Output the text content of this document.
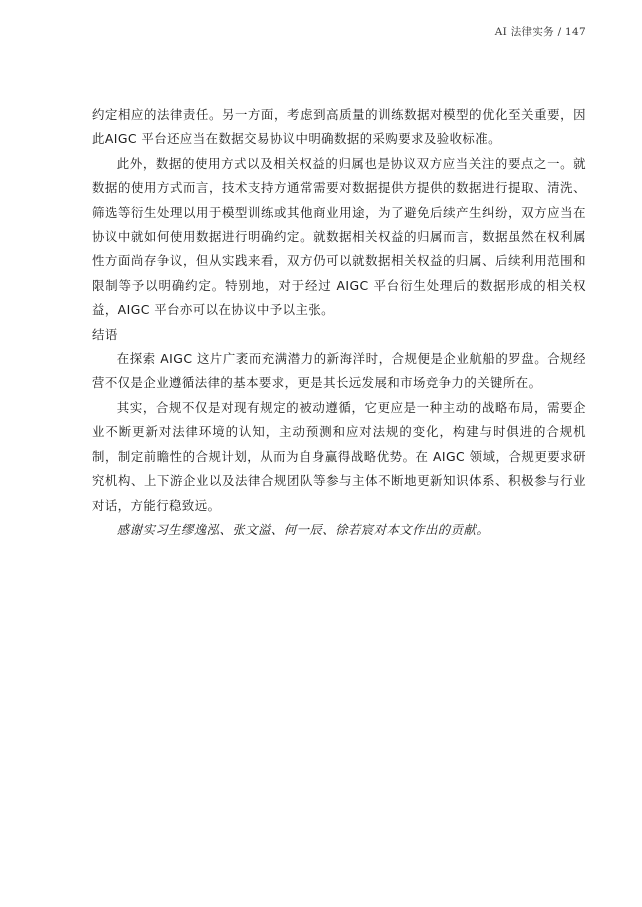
AI 法律实务 / 147

约定相应的法律责任。另一方面，考虑到高质量的训练数据对模型的优化至关重要，因此AIGC 平台还应当在数据交易协议中明确数据的采购要求及验收标准。

此外，数据的使用方式以及相关权益的归属也是协议双方应当关注的要点之一。就数据的使用方式而言，技术支持方通常需要对数据提供方提供的数据进行提取、清洗、筛选等衍生处理以用于模型训练或其他商业用途，为了避免后续产生纠纷，双方应当在协议中就如何使用数据进行明确约定。就数据相关权益的归属而言，数据虽然在权利属性方面尚存争议，但从实践来看，双方仍可以就数据相关权益的归属、后续利用范围和限制等予以明确约定。特别地，对于经过 AIGC 平台衍生处理后的数据形成的相关权益，AIGC 平台亦可以在协议中予以主张。

结语

在探索 AIGC 这片广袤而充满潜力的新海洋时，合规便是企业航船的罗盘。合规经营不仅是企业遵循法律的基本要求，更是其长远发展和市场竞争力的关键所在。

其实，合规不仅是对现有规定的被动遵循，它更应是一种主动的战略布局，需要企业不断更新对法律环境的认知，主动预测和应对法规的变化，构建与时俱进的合规机制，制定前瞻性的合规计划，从而为自身赢得战略优势。在 AIGC 领域，合规更要求研究机构、上下游企业以及法律合规团队等参与主体不断地更新知识体系、积极参与行业对话，方能行稳致远。

感谢实习生缪逸泓、张文溢、何一辰、徐若宸对本文作出的贡献。
